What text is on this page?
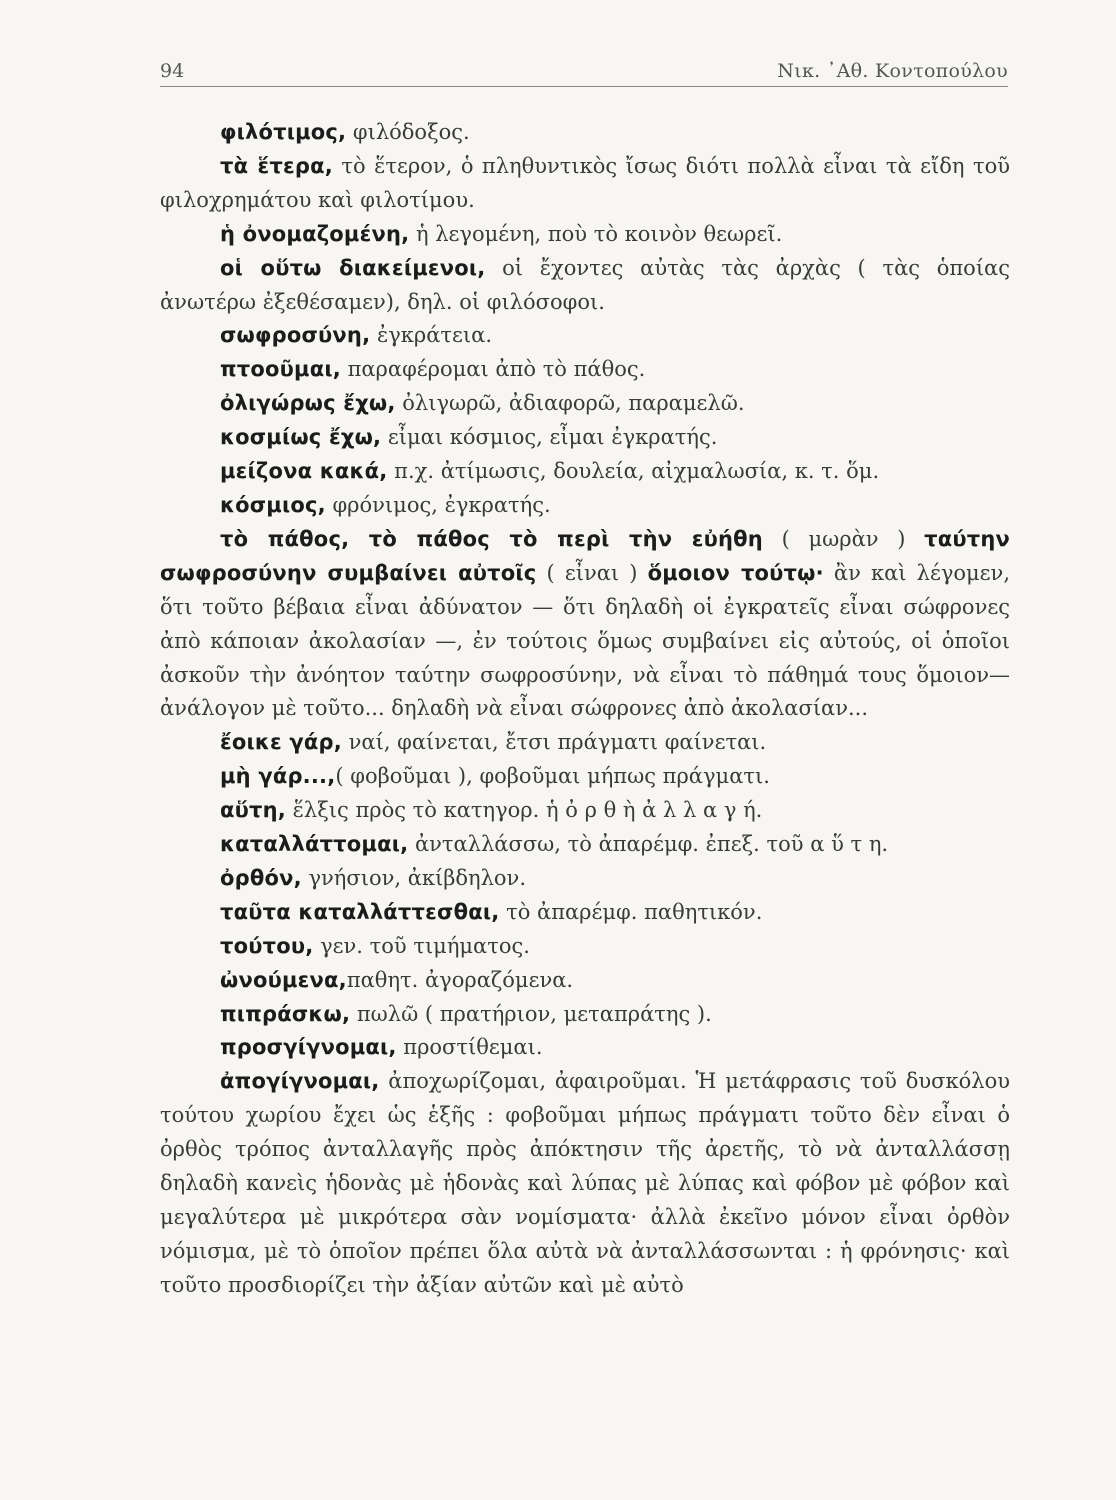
94	Νικ. ᾿Αθ. Κοντοπούλου

φιλότιμος, φιλόδοξος.

τὰ ἕτερα, τὸ ἕτερον, ὁ πληθυντικὸς ἴσως διότι πολλὰ εἶναι τὰ εἴδη τοῦ φιλοχρημάτου καὶ φιλοτίμου.

ἡ ὀνομαζομένη, ἡ λεγομένη, ποὺ τὸ κοινὸν θεωρεῖ.

οἱ οὕτω διακείμενοι, οἱ ἔχοντες αὐτὰς τὰς ἀρχὰς ( τὰς ὁποίας ἀνωτέρω ἐξεθέσαμεν), δηλ. οἱ φιλόσοφοι.

σωφροσύνη, ἐγκράτεια.

πτοοῦμαι, παραφέρομαι ἀπὸ τὸ πάθος.

ὀλιγώρως ἔχω, ὀλιγωρῶ, ἀδιαφορῶ, παραμελῶ.

κοσμίως ἔχω, εἶμαι κόσμιος, εἶμαι ἐγκρατής.

μείζονα κακά, π.χ. ἀτίμωσις, δουλεία, αἰχμαλωσία, κ. τ. ὅμ.

κόσμιος, φρόνιμος, ἐγκρατής.

τὸ πάθος, τὸ πάθος τὸ περὶ τὴν εὐήθη ( μωρὰν ) ταύτην σωφροσύνην συμβαίνει αὐτοῖς ( εἶναι ) ὅμοιον τούτῳ· ἂν καὶ λέγομεν, ὅτι τοῦτο βέβαια εἶναι ἀδύνατον — ὅτι δηλαδὴ οἱ ἐγκρατεῖς εἶναι σώφρονες ἀπὸ κάποιαν ἀκολασίαν —, ἐν τούτοις ὅμως συμβαίνει εἰς αὐτούς, οἱ ὁποῖοι ἀσκοῦν τὴν ἀνόητον ταύτην σωφροσύνην, νὰ εἶναι τὸ πάθημά τους ὅμοιον—ἀνάλογον μὲ τοῦτο... δηλαδὴ νὰ εἶναι σώφρονες ἀπὸ ἀκολασίαν...

ἔοικε γάρ, ναί, φαίνεται, ἔτσι πράγματι φαίνεται.

μὴ γάρ...,( φοβοῦμαι ), φοβοῦμαι μήπως πράγματι.

αὕτη, ἕλξις πρὸς τὸ κατηγορ. ἡ ὀ ρ θ ὴ ἀ λ λ α γ ή.

καταλλάττομαι, ἀνταλλάσσω, τὸ ἀπαρέμφ. ἐπεξ. τοῦ α ὕ τ η.

ὀρθόν, γνήσιον, ἀκίβδηλον.

ταῦτα καταλλάττεσθαι, τὸ ἀπαρέμφ. παθητικόν.

τούτου, γεν. τοῦ τιμήματος.

ὠνούμενα,παθητ. ἀγοραζόμενα.

πιπράσκω, πωλῶ ( πρατήριον, μεταπράτης ).

προσγίγνομαι, προστίθεμαι.

ἀπογίγνομαι, ἀποχωρίζομαι, ἀφαιροῦμαι. Ἡ μετάφρασις τοῦ δυσκόλου τούτου χωρίου ἔχει ὡς ἑξῆς : φοβοῦμαι μήπως πράγματι τοῦτο δὲν εἶναι ὁ ὀρθὸς τρόπος ἀνταλλαγῆς πρὸς ἀπόκτησιν τῆς ἀρετῆς, τὸ νὰ ἀνταλλάσσῃ δηλαδὴ κανεὶς ἡδονὰς μὲ ἡδονὰς καὶ λύπας μὲ λύπας καὶ φόβον μὲ φόβον καὶ μεγαλύτερα μὲ μικρότερα σὰν νομίσματα· ἀλλὰ ἐκεῖνο μόνον εἶναι ὀρθὸν νόμισμα, μὲ τὸ ὁποῖον πρέπει ὅλα αὐτὰ νὰ ἀνταλλάσσωνται : ἡ φρόνησις· καὶ τοῦτο προσδιορίζει τὴν ἀξίαν αὐτῶν καὶ μὲ αὐτὸ
